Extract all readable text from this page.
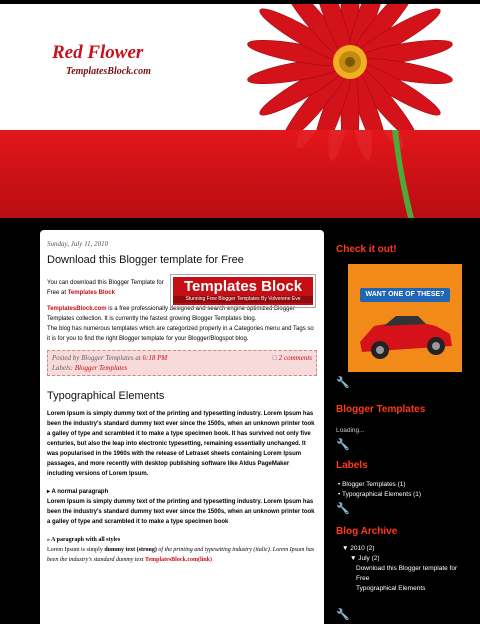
Red Flower
TemplatesBlock.com
Sunday, July 11, 2010
Download this Blogger template for Free
Templates Block
Stunning Free Blogger Templates By Volverene Eve
You can download this Blogger Template for Free at Templates Block
TemplatesBlock.com is a free professionally designed and search engine optimized Blogger Templates collection. It is currently the fastest growing Blogger Templates blog.
The blog has numerous templates which are categorized properly in a Categories menu and Tags so it is for you to find the right Blogger template for your Blogger/Blogspot blog.
Posted by Blogger Templates at 6:18 PM	□ 2 comments

Labels: Blogger Templates
Typographical Elements
Lorem Ipsum is simply dummy text of the printing and typesetting industry. Lorem Ipsum has been the industry's standard dummy text ever since the 1500s, when an unknown printer took a galley of type and scrambled it to make a type specimen book. It has survived not only five centuries, but also the leap into electronic typesetting, remaining essentially unchanged. It was popularised in the 1960s with the release of Letraset sheets containing Lorem Ipsum passages, and more recently with desktop publishing software like Aldus PageMaker including versions of Lorem Ipsum.
▸ A normal paragraph
Lorem Ipsum is simply dummy text of the printing and typesetting industry. Lorem Ipsum has been the industry's standard dummy text ever since the 1500s, when an unknown printer took a galley of type and scrambled it to make a type specimen book
» A paragraph with all styles
Lorem Ipsum is simply dummy text (strong) of the printing and typesetting industry (italic). Lorem Ipsum has been the industry's standard dummy text TemplatesBlock.com(link)
Check it out!
WANT ONE OF THESE?
🔧
Blogger Templates
Loading...
🔧
Labels
• Blogger Templates (1)
• Typographical Elements (1)
🔧
Blog Archive
▼ 2010 (2)
▼ July (2)
Download this Blogger template for Free
Typographical Elements
🔧
